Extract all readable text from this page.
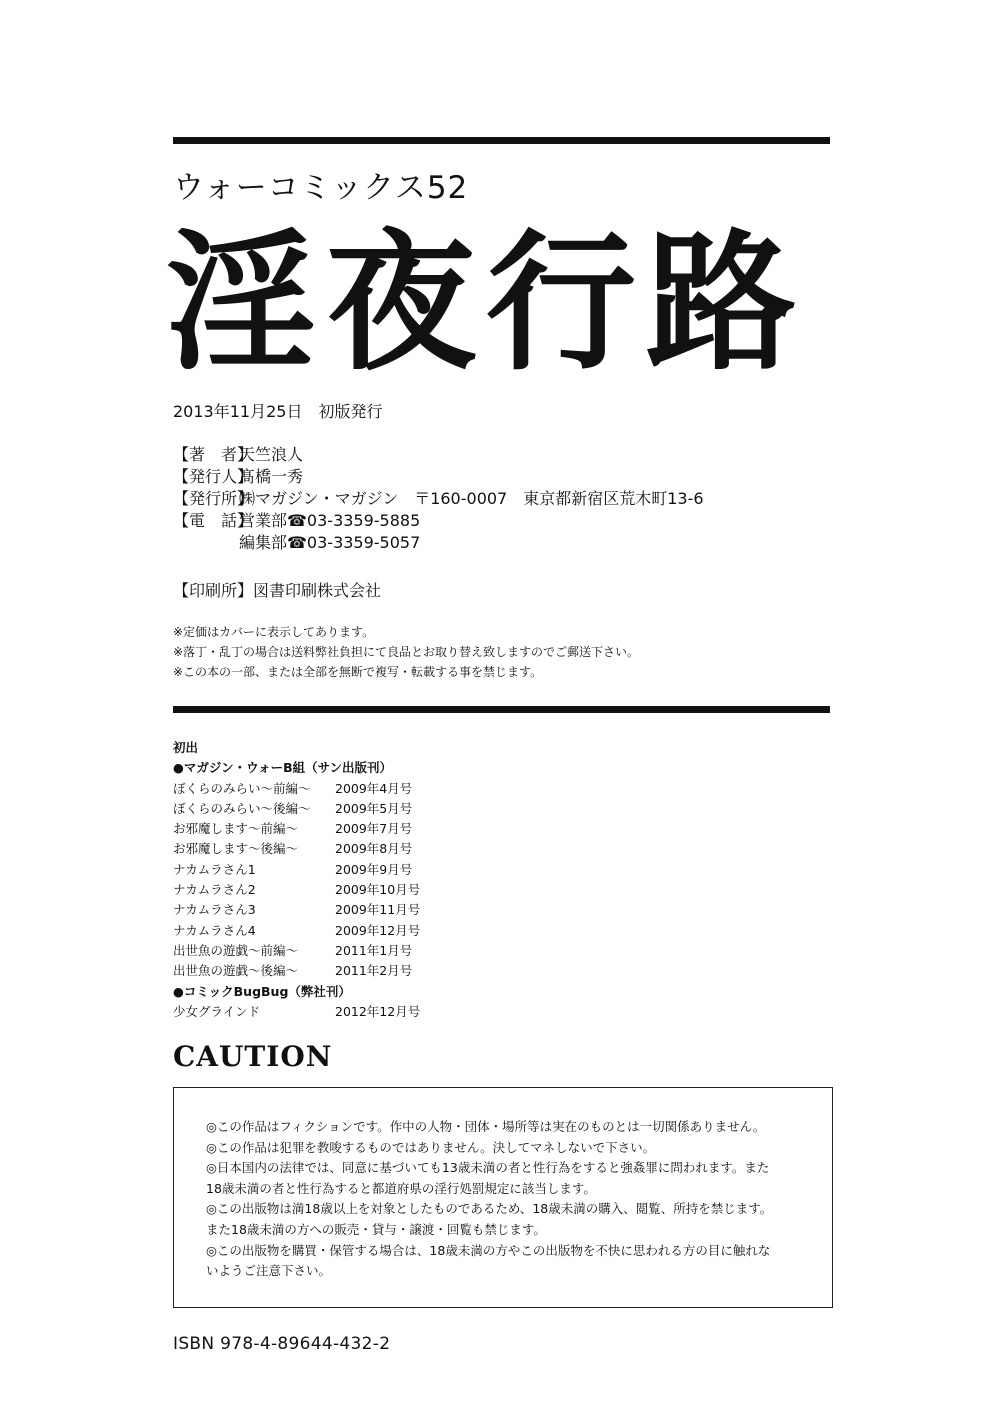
ウォーコミックス52
淫夜行路
2013年11月25日　初版発行
【著　者】
天竺浪人
【発行人】
髙橋一秀
【発行所】
㈱マガジン・マガジン　〒160-0007　東京都新宿区荒木町13-6
【電　話】
営業部☎03-3359-5885
編集部☎03-3359-5057
【印刷所】図書印刷株式会社
※定価はカバーに表示してあります。
※落丁・乱丁の場合は送料弊社負担にて良品とお取り替え致しますのでご郵送下さい。
※この本の一部、または全部を無断で複写・転載する事を禁じます。
初出
●マガジン・ウォーB組（サン出版刊）
ぼくらのみらい～前編～	2009年4月号
ぼくらのみらい～後編～	2009年5月号
お邪魔します～前編～	2009年7月号
お邪魔します～後編～	2009年8月号
ナカムラさん1	2009年9月号
ナカムラさん2	2009年10月号
ナカムラさん3	2009年11月号
ナカムラさん4	2009年12月号
出世魚の遊戯～前編～	2011年1月号
出世魚の遊戯～後編～	2011年2月号
●コミックBugBug（弊社刊）
少女グラインド	2012年12月号
CAUTION
◎この作品はフィクションです。作中の人物・団体・場所等は実在のものとは一切関係ありません。
◎この作品は犯罪を教唆するものではありません。決してマネしないで下さい。
◎日本国内の法律では、同意に基づいても13歳未満の者と性行為をすると強姦罪に問われます。また
18歳未満の者と性行為すると都道府県の淫行処罰規定に該当します。
◎この出版物は満18歳以上を対象としたものであるため、18歳未満の購入、閲覧、所持を禁じます。
また18歳未満の方への販売・貸与・譲渡・回覧も禁じます。
◎この出版物を購買・保管する場合は、18歳未満の方やこの出版物を不快に思われる方の目に触れな
いようご注意下さい。
ISBN 978-4-89644-432-2
